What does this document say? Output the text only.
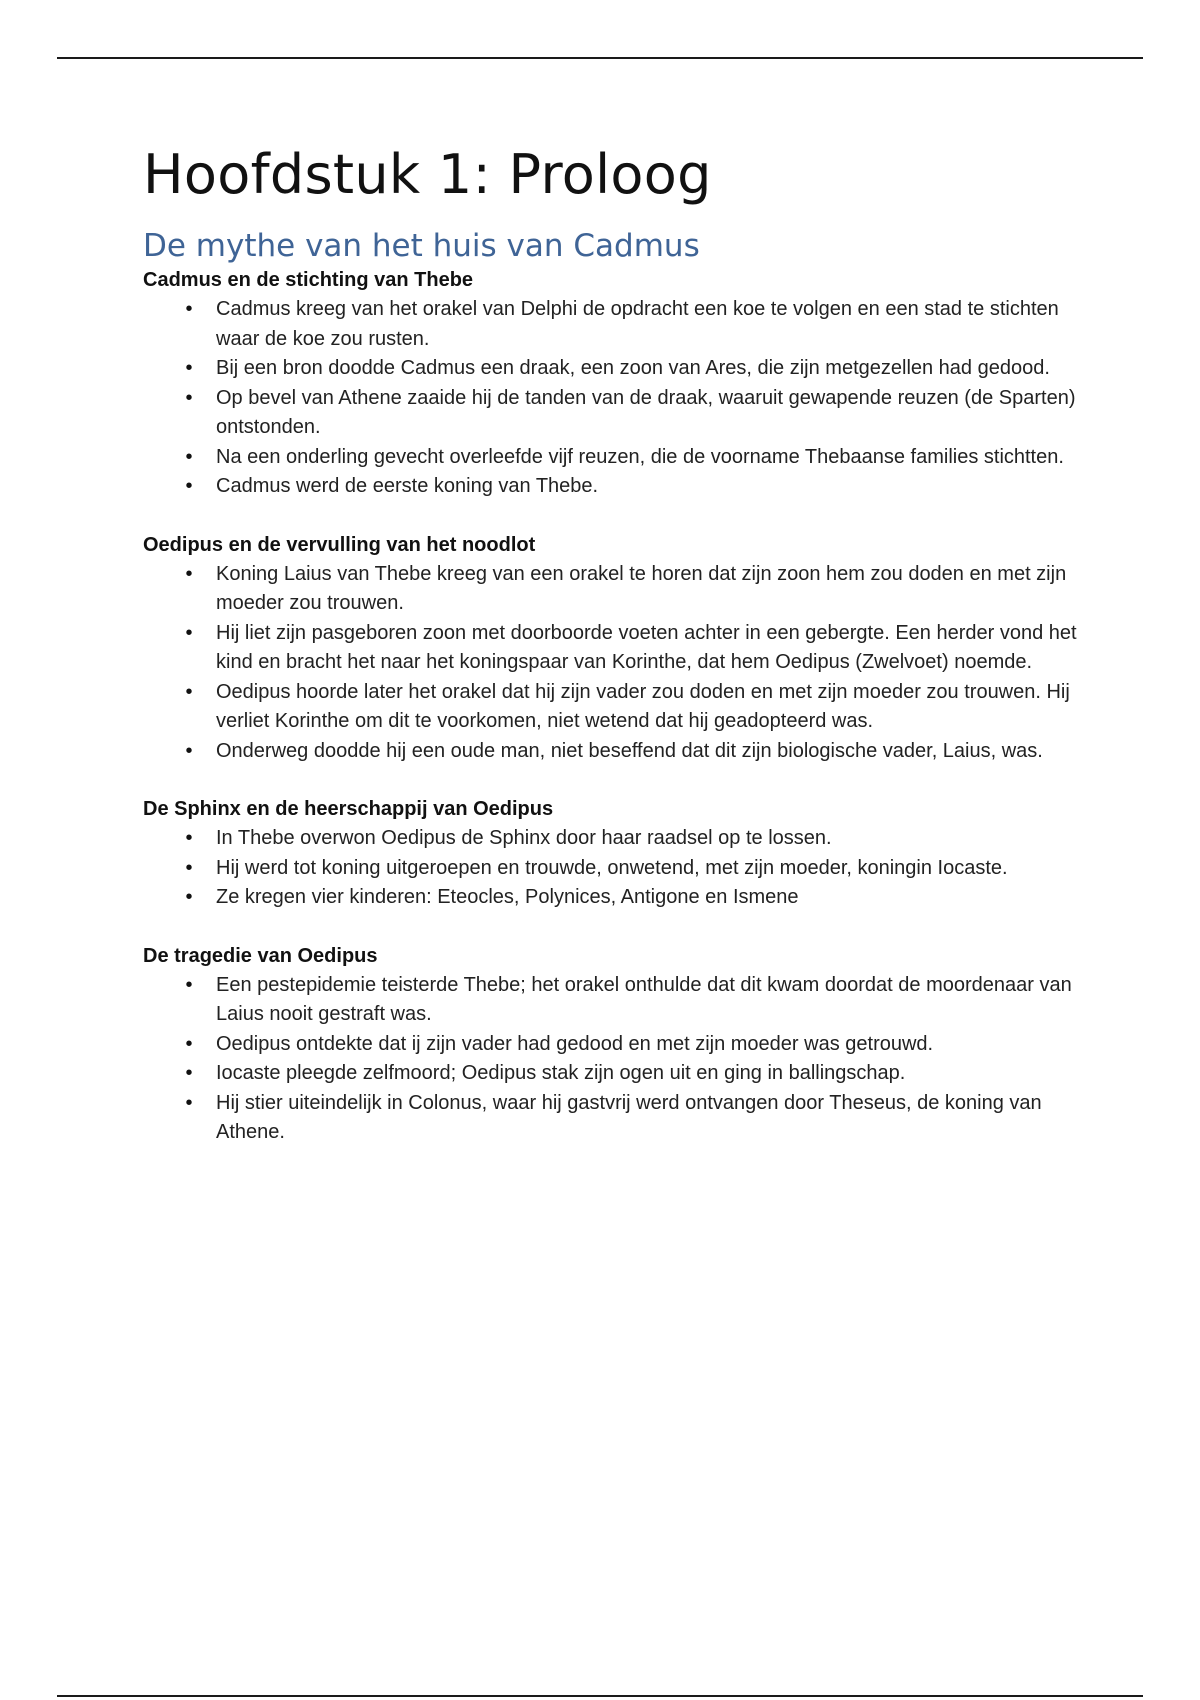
Hoofdstuk 1: Proloog
De mythe van het huis van Cadmus
Cadmus en de stichting van Thebe
•	Cadmus kreeg van het orakel van Delphi de opdracht een koe te volgen en een stad te stichten waar de koe zou rusten.
•	Bij een bron doodde Cadmus een draak, een zoon van Ares, die zijn metgezellen had gedood.
•	Op bevel van Athene zaaide hij de tanden van de draak, waaruit gewapende reuzen (de Sparten) ontstonden.
•	Na een onderling gevecht overleefde vijf reuzen, die de voorname Thebaanse families stichtten.
•	Cadmus werd de eerste koning van Thebe.
Oedipus en de vervulling van het noodlot
•	Koning Laius van Thebe kreeg van een orakel te horen dat zijn zoon hem zou doden en met zijn moeder zou trouwen.
•	Hij liet zijn pasgeboren zoon met doorboorde voeten achter in een gebergte. Een herder vond het kind en bracht het naar het koningspaar van Korinthe, dat hem Oedipus (Zwelvoet) noemde.
•	Oedipus hoorde later het orakel dat hij zijn vader zou doden en met zijn moeder zou trouwen. Hij verliet Korinthe om dit te voorkomen, niet wetend dat hij geadopteerd was.
•	Onderweg doodde hij een oude man, niet beseffend dat dit zijn biologische vader, Laius, was.
De Sphinx en de heerschappij van Oedipus
•	In Thebe overwon Oedipus de Sphinx door haar raadsel op te lossen.
•	Hij werd tot koning uitgeroepen en trouwde, onwetend, met zijn moeder, koningin Iocaste.
•	Ze kregen vier kinderen: Eteocles, Polynices, Antigone en Ismene
De tragedie van Oedipus
•	Een pestepidemie teisterde Thebe; het orakel onthulde dat dit kwam doordat de moordenaar van Laius nooit gestraft was.
•	Oedipus ontdekte dat ij zijn vader had gedood en met zijn moeder was getrouwd.
•	Iocaste pleegde zelfmoord; Oedipus stak zijn ogen uit en ging in ballingschap.
•	Hij stier uiteindelijk in Colonus, waar hij gastvrij werd ontvangen door Theseus, de koning van Athene.
